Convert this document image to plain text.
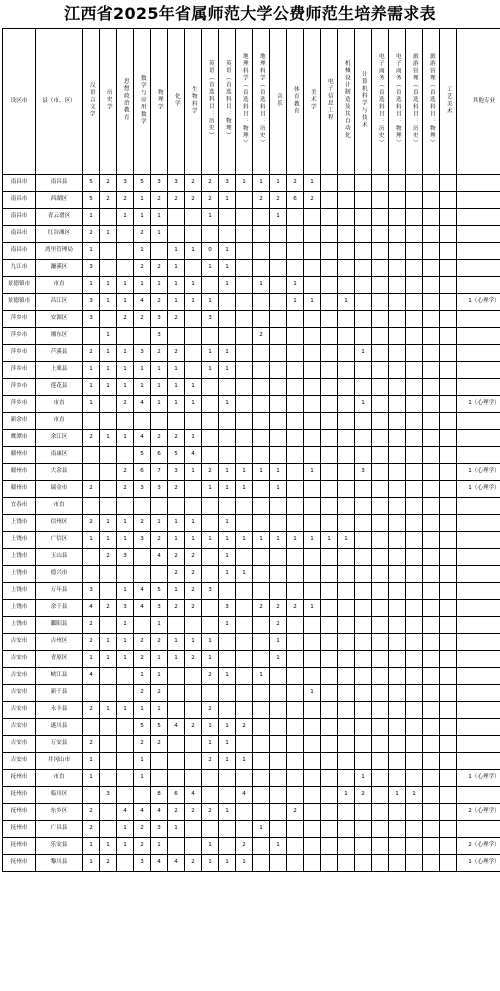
江西省2025年省属师范大学公费师范生培养需求表
设区市	县（市、区）	汉语言文学	历史学	思想政治教育	数学与应用数学	物理学	化学	生物科学	英语（首选科目：历史）	英语（首选科目：物理）	地理科学（首选科目：物理）	地理科学（首选科目：历史）	音乐	体育教育	美术学	电子信息工程	机械设计制造及其自动化	计算机科学与技术	电子商务（首选科目：历史）	电子商务（首选科目：物理）	旅游管理（首选科目：历史）	旅游管理（首选科目：物理）	工艺美术	其他专业
南昌市	南昌县	5	2	3	5	3	3	2	2	3	1	1	1	2	1									
南昌市	西湖区	5	2	2	1	2	2	2	2	1		2	2	6	2									
南昌市	青云谱区	1		1	1	1			1				1											
南昌市	红谷滩区	2	1		2	1																		
南昌市	湾里管理局	1			1		1	1	0	1														
九江市	濂溪区	3			2	2	1		1	1														
景德镇市	市直	1	1	1	1	1	1	1		1		1		1										
景德镇市	昌江区	3	1	1	4	2	1	1	1					1	1		1							1（心理学）
萍乡市	安源区	3		2	2	3	2		3															
萍乡市	湘东区		1			3						2												
萍乡市	芦溪县	2	1	1	3	2	2		1	1								1						
萍乡市	上栗县	1	1	1	1	1	1		1	1														
萍乡市	莲花县	1	1	1	1	1	1	1																
萍乡市	市直	1		2	4	1	1	1		1								1						1（心理学）
新余市	市直																							
鹰潭市	余江区	2	1	1	4	2	2	1																
赣州市	南康区				5	6	5	4																
赣州市	大余县			2	6	7	3	1	2	1	1	1	1		1			3						1（心理学）
赣州市	瑞金市	2		2	3	3	2		1	1	1		1											1（心理学）
宜春市	市直																							
上饶市	信州区	2	1	1	2	1	1	1		1														
上饶市	广信区	1	1	1	3	2	1	1	1	1	1	1	1	1	1	1	1							
上饶市	玉山县		2	3		4	2	2		1														
上饶市	德兴市						2	2		1	1													
上饶市	万年县	3		1	4	5	1	2	3															
上饶市	余干县	4	2	3	4	3	2	2		3		2	2	2	1									
上饶市	鄱阳县	2		1		1				1			2											
吉安市	吉州区	2	1	1	2	2	1	1	1				1											
吉安市	青原区	1	1	1	2	1	1	2	1				1											
吉安市	峡江县	4			1	1			2	1		1												
吉安市	新干县				2	2									1									
吉安市	永丰县	2	1	1	1	1			2															
吉安市	遂川县				5	5	4	2	1	1	2													
吉安市	万安县	2			2	2			1	1														
吉安市	井冈山市	1			1				2	1	1													
抚州市	市直	1			1													1						1（心理学）
抚州市	临川区		3			8	6	4			4						1	2		1	1			
抚州市	东乡区	2		4	4	4	2	2	2	1				2										2（心理学）
抚州市	广昌县	2		1	2	3	1					1												
抚州市	乐安县	1	1	1	2	1			1		2		1											2（心理学）
抚州市	黎川县	1	2		3	4	4	2	1	1	1													1（心理学）
